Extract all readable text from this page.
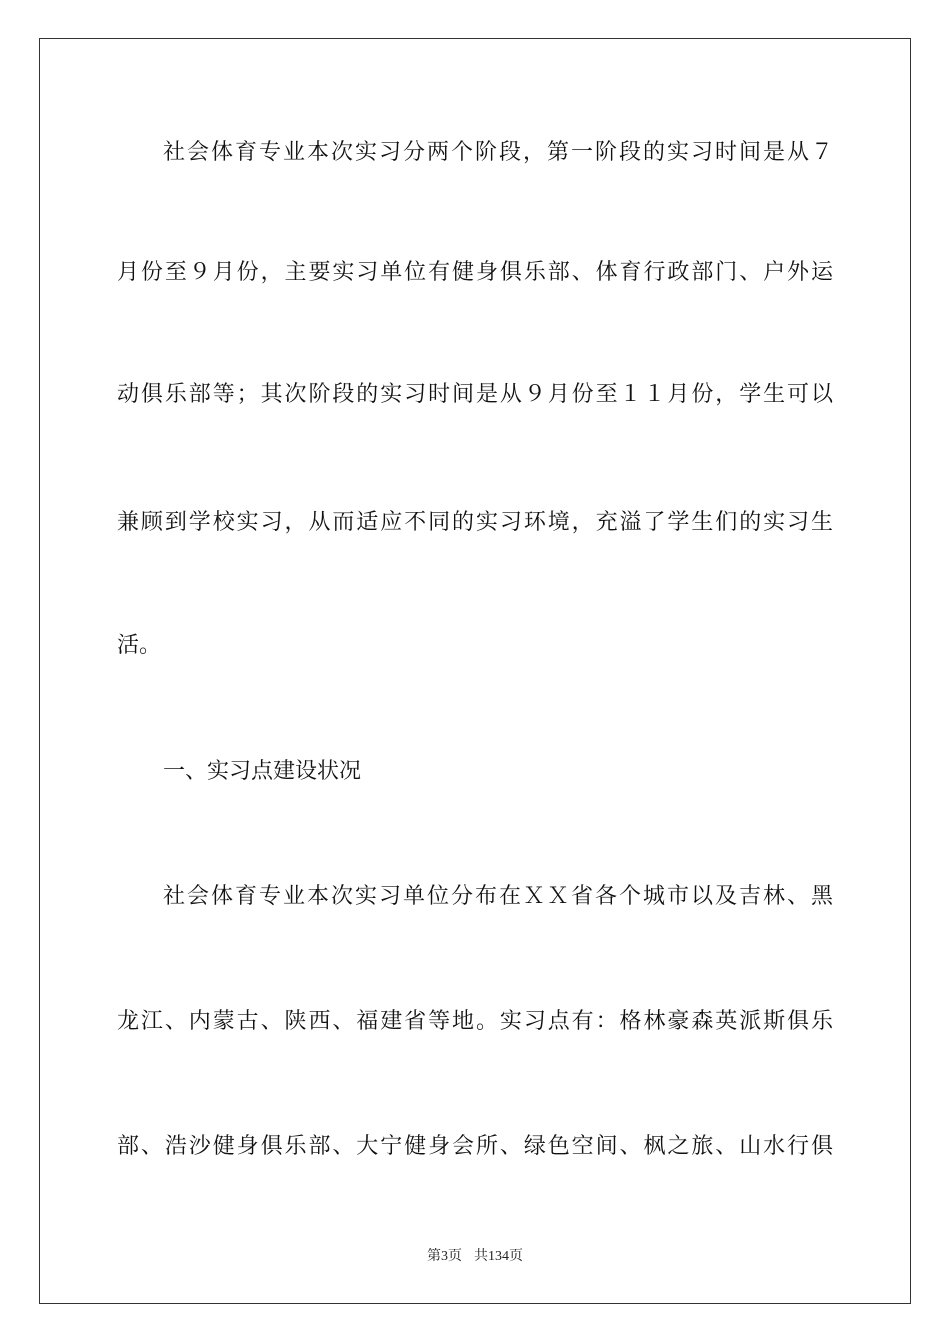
社会体育专业本次实习分两个阶段，第一阶段的实习时间是从７
月份至９月份，主要实习单位有健身俱乐部、体育行政部门、户外运
动俱乐部等；其次阶段的实习时间是从９月份至１１月份，学生可以
兼顾到学校实习，从而适应不同的实习环境，充溢了学生们的实习生
活。
一、实习点建设状况
社会体育专业本次实习单位分布在ＸＸ省各个城市以及吉林、黑
龙江、内蒙古、陕西、福建省等地。实习点有：格林豪森英派斯俱乐
部、浩沙健身俱乐部、大宁健身会所、绿色空间、枫之旅、山水行俱
第3页 共134页
